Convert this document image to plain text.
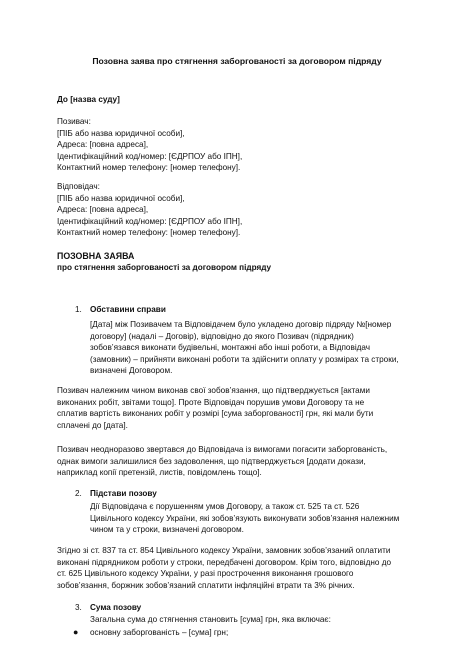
Позовна заява про стягнення заборгованості за договором підряду
До [назва суду]
Позивач:
[ПІБ або назва юридичної особи],
Адреса: [повна адреса],
Ідентифікаційний код/номер: [ЄДРПОУ або ІПН],
Контактний номер телефону: [номер телефону].
Відповідач:
[ПІБ або назва юридичної особи],
Адреса: [повна адреса],
Ідентифікаційний код/номер: [ЄДРПОУ або ІПН],
Контактний номер телефону: [номер телефону].
ПОЗОВНА ЗАЯВА
про стягнення заборгованості за договором підряду
1. Обставини справи
[Дата] між Позивачем та Відповідачем було укладено договір підряду №[номер
договору] (надалі – Договір), відповідно до якого Позивач (підрядник)
зобов’язався виконати будівельні, монтажні або інші роботи, а Відповідач
(замовник) – прийняти виконані роботи та здійснити оплату у розмірах та строки,
визначені Договором.
Позивач належним чином виконав свої зобов’язання, що підтверджується [актами
виконаних робіт, звітами тощо]. Проте Відповідач порушив умови Договору та не
сплатив вартість виконаних робіт у розмірі [сума заборгованості] грн, які мали бути
сплачені до [дата].
Позивач неодноразово звертався до Відповідача із вимогами погасити заборгованість,
однак вимоги залишилися без задоволення, що підтверджується [додати докази,
наприклад копії претензій, листів, повідомлень тощо].
2. Підстави позову
Дії Відповідача є порушенням умов Договору, а також ст. 525 та ст. 526
Цивільного кодексу України, які зобов’язують виконувати зобов’язання належним
чином та у строки, визначені договором.
Згідно зі ст. 837 та ст. 854 Цивільного кодексу України, замовник зобов’язаний оплатити
виконані підрядником роботи у строки, передбачені договором. Крім того, відповідно до
ст. 625 Цивільного кодексу України, у разі прострочення виконання грошового
зобов’язання, боржник зобов’язаний сплатити інфляційні втрати та 3% річних.
3. Сума позову
Загальна сума до стягнення становить [сума] грн, яка включає:
● основну заборгованість – [сума] грн;
